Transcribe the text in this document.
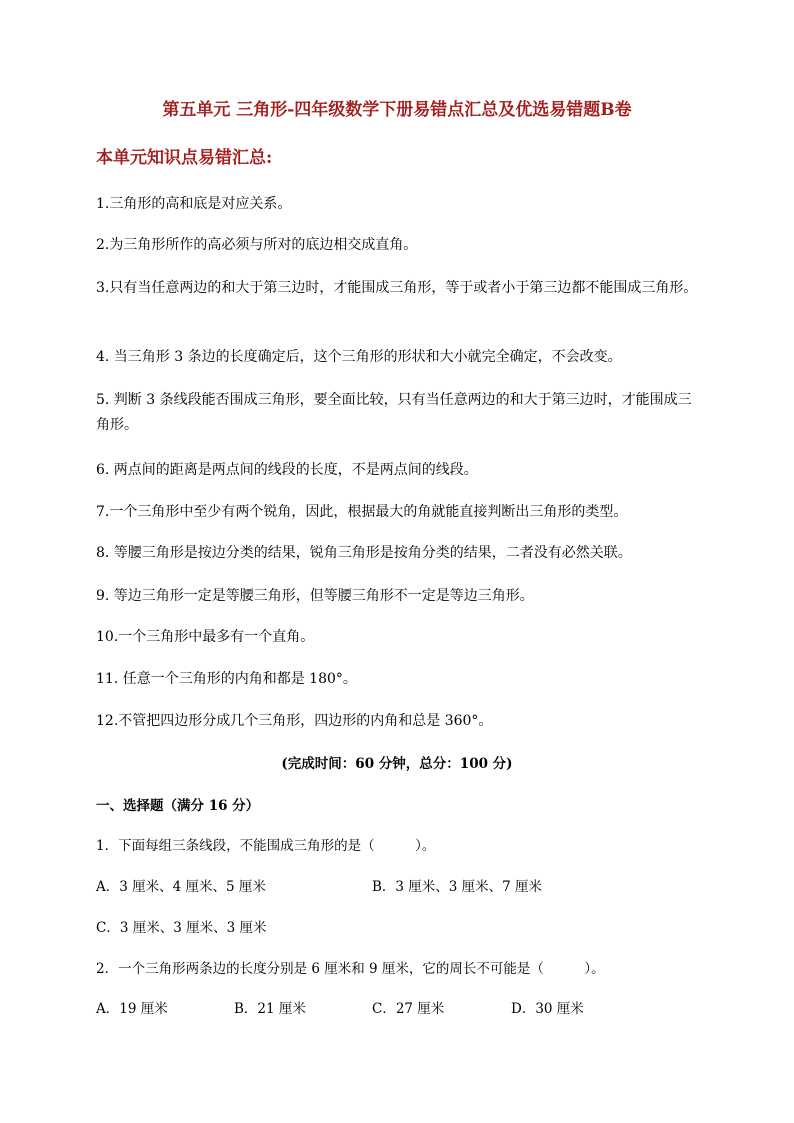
第五单元 三角形-四年级数学下册易错点汇总及优选易错题B卷
本单元知识点易错汇总:

1.三角形的高和底是对应关系。

2.为三角形所作的高必须与所对的底边相交成直角。

3.只有当任意两边的和大于第三边时，才能围成三角形，等于或者小于第三边都不能围成三角形。

4. 当三角形 3 条边的长度确定后，这个三角形的形状和大小就完全确定，不会改变。

5. 判断 3 条线段能否围成三角形，要全面比较，只有当任意两边的和大于第三边时，才能围成三角形。

6. 两点间的距离是两点间的线段的长度，不是两点间的线段。

7.一个三角形中至少有两个锐角，因此，根据最大的角就能直接判断出三角形的类型。

8. 等腰三角形是按边分类的结果，锐角三角形是按角分类的结果，二者没有必然关联。

9. 等边三角形一定是等腰三角形，但等腰三角形不一定是等边三角形。

10.一个三角形中最多有一个直角。

11. 任意一个三角形的内角和都是 180°。

12.不管把四边形分成几个三角形，四边形的内角和总是 360°。

(完成时间：60 分钟，总分：100 分)

一、选择题（满分 16 分）

1．下面每组三条线段，不能围成三角形的是（　　　）。

A．3 厘米、4 厘米、5 厘米	B．3 厘米、3 厘米、7 厘米

C．3 厘米、3 厘米、3 厘米

2．一个三角形两条边的长度分别是 6 厘米和 9 厘米，它的周长不可能是（　　　）。

A．19 厘米	B．21 厘米	C．27 厘米	D．30 厘米
